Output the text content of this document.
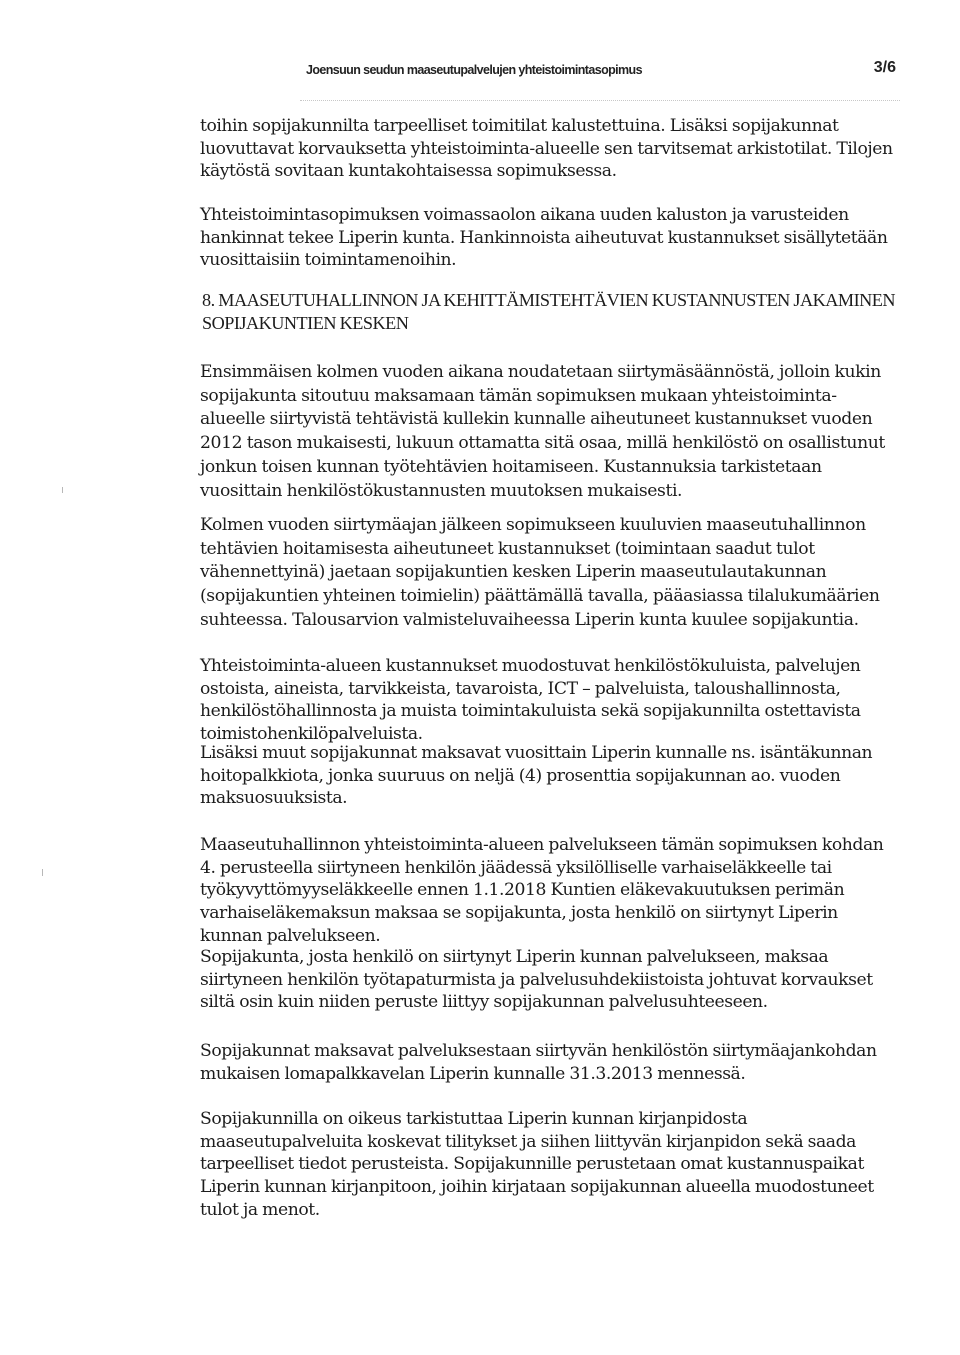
Joensuun seudun maaseutupalvelujen yhteistoimintasopimus	3/6

toihin sopijakunnilta tarpeelliset toimitilat kalustettuina. Lisäksi sopijakunnat luovuttavat korvauksetta yhteistoiminta-alueelle sen tarvitsemat arkistotilat. Tilojen käytöstä sovitaan kuntakohtaisessa sopimuksessa.

Yhteistoimintasopimuksen voimassaolon aikana uuden kaluston ja varusteiden hankinnat tekee Liperin kunta. Hankinnoista aiheutuvat kustannukset sisällytetään vuosittaisiin toimintamenoihin.

8. MAASEUTUHALLINNON JA KEHITTÄMISTEHTÄVIEN KUSTANNUSTEN JAKAMINEN
SOPIJAKUNTIEN KESKEN

Ensimmäisen kolmen vuoden aikana noudatetaan siirtymäsäännöstä, jolloin kukin sopijakunta sitoutuu maksamaan tämän sopimuksen mukaan yhteistoiminta-alueelle siirtyvistä tehtävistä kullekin kunnalle aiheutuneet kustannukset vuoden 2012 tason mukaisesti, lukuun ottamatta sitä osaa, millä henkilöstö on osallistunut jonkun toisen kunnan työtehtävien hoitamiseen. Kustannuksia tarkistetaan vuosittain henkilöstökustannusten muutoksen mukaisesti.

Kolmen vuoden siirtymäajan jälkeen sopimukseen kuuluvien maaseutuhallinnon tehtävien hoitamisesta aiheutuneet kustannukset (toimintaan saadut tulot vähennettyinä) jaetaan sopijakuntien kesken Liperin maaseutulautakunnan (sopijakuntien yhteinen toimielin) päättämällä tavalla, pääasiassa tilalukumäärien suhteessa. Talousarvion valmisteluvaiheessa Liperin kunta kuulee sopijakuntia.

Yhteistoiminta-alueen kustannukset muodostuvat henkilöstökuluista, palvelujen ostoista, aineista, tarvikkeista, tavaroista, ICT – palveluista, taloushallinnosta, henkilöstöhallinnosta ja muista toimintakuluista sekä sopijakunnilta ostettavista toimistohenkilöpalveluista.

Lisäksi muut sopijakunnat maksavat vuosittain Liperin kunnalle ns. isäntäkunnan hoitopalkkiota, jonka suuruus on neljä (4) prosenttia sopijakunnan ao. vuoden maksuosuuksista.

Maaseutuhallinnon yhteistoiminta-alueen palvelukseen tämän sopimuksen kohdan 4. perusteella siirtyneen henkilön jäädessä yksilölliselle varhaiseläkkeelle tai työkyvyttömyyseläkkeelle ennen 1.1.2018 Kuntien eläkevakuutuksen perimän varhaiseläkemaksun maksaa se sopijakunta, josta henkilö on siirtynyt Liperin kunnan palvelukseen.

Sopijakunta, josta henkilö on siirtynyt Liperin kunnan palvelukseen, maksaa siirtyneen henkilön työtapaturmista ja palvelusuhdekiistoista johtuvat korvaukset siltä osin kuin niiden peruste liittyy sopijakunnan palvelusuhteeseen.

Sopijakunnat maksavat palveluksestaan siirtyvän henkilöstön siirtymäajankohdan mukaisen lomapalkkavelan Liperin kunnalle 31.3.2013 mennessä.

Sopijakunnilla on oikeus tarkistuttaa Liperin kunnan kirjanpidosta maaseutupalveluita koskevat tilitykset ja siihen liittyvän kirjanpidon sekä saada tarpeelliset tiedot perusteista. Sopijakunnille perustetaan omat kustannuspaikat Liperin kunnan kirjanpitoon, joihin kirjataan sopijakunnan alueella muodostuneet tulot ja menot.
